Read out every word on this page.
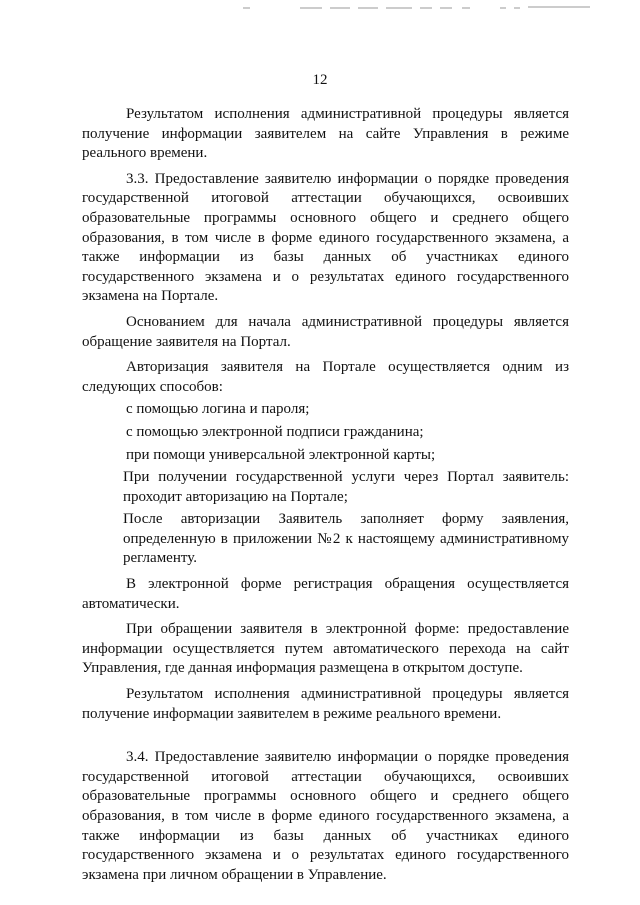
12

Результатом исполнения административной процедуры является получение информации заявителем на сайте Управления в режиме реального времени.

3.3. Предоставление заявителю информации о порядке проведения государственной итоговой аттестации обучающихся, освоивших образовательные программы основного общего и среднего общего образования, в том числе в форме единого государственного экзамена, а также информации из базы данных об участниках единого государственного экзамена и о результатах единого государственного экзамена на Портале.

Основанием для начала административной процедуры является обращение заявителя на Портал.

Авторизация заявителя на Портале осуществляется одним из следующих способов:

с помощью логина и пароля;

с помощью электронной подписи гражданина;

при помощи универсальной электронной карты;

При получении государственной услуги через Портал заявитель: проходит авторизацию на Портале;

После авторизации Заявитель заполняет форму заявления, определенную в приложении №2 к настоящему административному регламенту.

В электронной форме регистрация обращения осуществляется автоматически.

При обращении заявителя в электронной форме: предоставление информации осуществляется путем автоматического перехода на сайт Управления, где данная информация размещена в открытом доступе.

Результатом исполнения административной процедуры является получение информации заявителем в режиме реального времени.

3.4. Предоставление заявителю информации о порядке проведения государственной итоговой аттестации обучающихся, освоивших образовательные программы основного общего и среднего общего образования, в том числе в форме единого государственного экзамена, а также информации из базы данных об участниках единого государственного экзамена и о результатах единого государственного экзамена при личном обращении в Управление.
